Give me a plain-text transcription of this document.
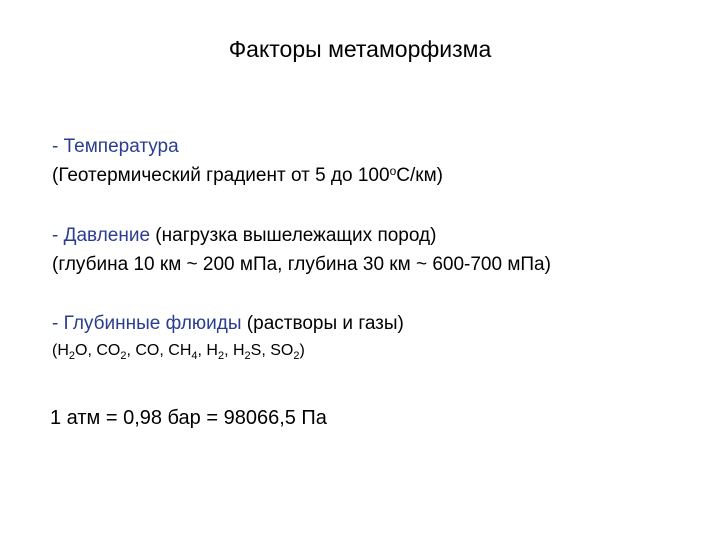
Факторы метаморфизма
- Температура
(Геотермический градиент от 5 до $100^оС/км$)
- Давление (нагрузка вышележащих пород)
(глубина 10 км ~ 200 мПа, глубина 30 км ~ 600-700 мПа)
- Глубинные флюиды (растворы и газы)
($H_2O$, $CO_2$, CO, $CH_4$, $H_2$, $H_2S$, $SO_2$)
1 атм = 0,98 бар = 98066,5 Па
